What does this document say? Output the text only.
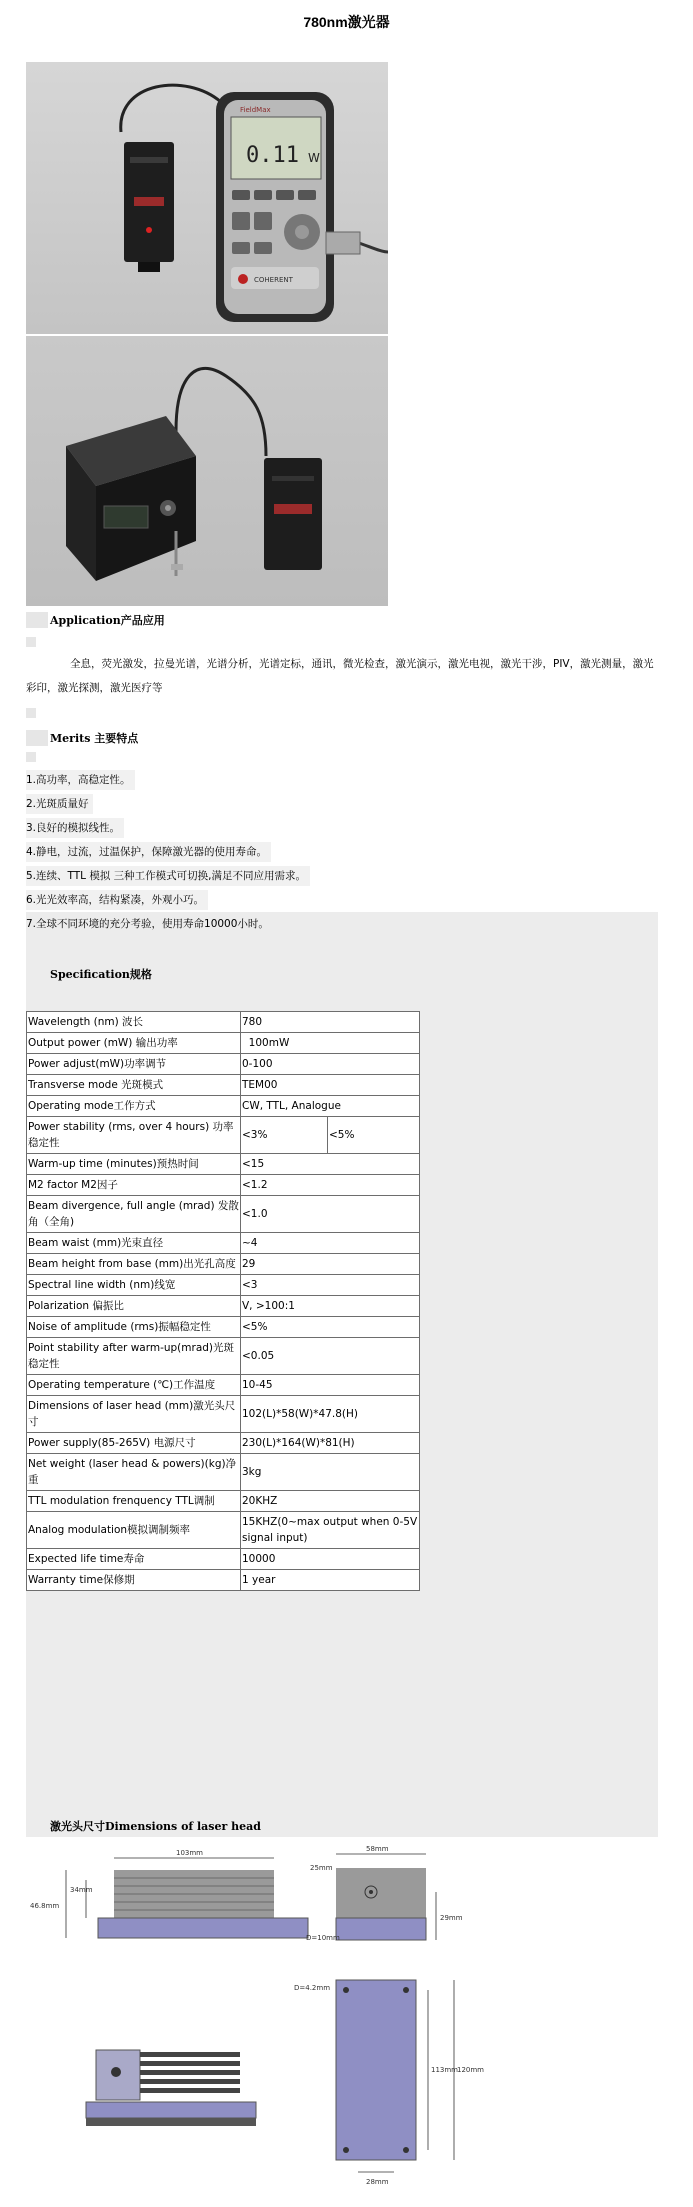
780nm激光器
FieldMax
0.11 W
COHERENT
Application产品应用
全息，荧光激发，拉曼光谱，光谱分析，光谱定标，通讯，微光检查，激光演示，激光电视，激光干涉，PIV，激光测量，激光彩印，激光探测，激光医疗等
Merits 主要特点
1.高功率，高稳定性。
2.光斑质量好
3.良好的模拟线性。
4.静电，过流，过温保护，保障激光器的使用寿命。
5.连续、TTL 模拟 三种工作模式可切换,满足不同应用需求。
6.光光效率高，结构紧凑，外观小巧。
7.全球不同环境的充分考验，使用寿命10000小时。
Specification规格
Wavelength (nm) 波长	780	
Output power (mW) 输出功率	100mW	
Power adjust(mW)功率调节	0-100	
Transverse mode 光斑模式	TEM00	
Operating mode工作方式	CW, TTL, Analogue	
Power stability (rms, over 4 hours) 功率稳定性	<3%	<5%
Warm-up time (minutes)预热时间	<15	
M2 factor M2因子	<1.2	
Beam divergence, full angle (mrad) 发散角（全角)	<1.0	
Beam waist (mm)光束直径	~4	
Beam height from base (mm)出光孔高度	29	
Spectral line width (nm)线宽	<3	
Polarization 偏振比	V, >100:1	
Noise of amplitude (rms)振幅稳定性	<5%	
Point stability after warm-up(mrad)光斑稳定性	<0.05	
Operating temperature (℃)工作温度	10-45	
Dimensions of laser head (mm)激光头尺寸	102(L)*58(W)*47.8(H)	
Power supply(85-265V) 电源尺寸	230(L)*164(W)*81(H)	
Net weight (laser head & powers)(kg)净重	3kg	
TTL modulation frenquency TTL调制	20KHZ	
Analog modulation模拟调制频率	15KHZ(0~max output when 0-5V signal input)	
Expected life time寿命	10000	
Warranty time保修期	1 year	
激光头尺寸Dimensions of laser head
103mm
46.8mm
34mm
58mm
25mm
29mm
D=10mm
D=4.2mm
113mm 120mm
28mm
